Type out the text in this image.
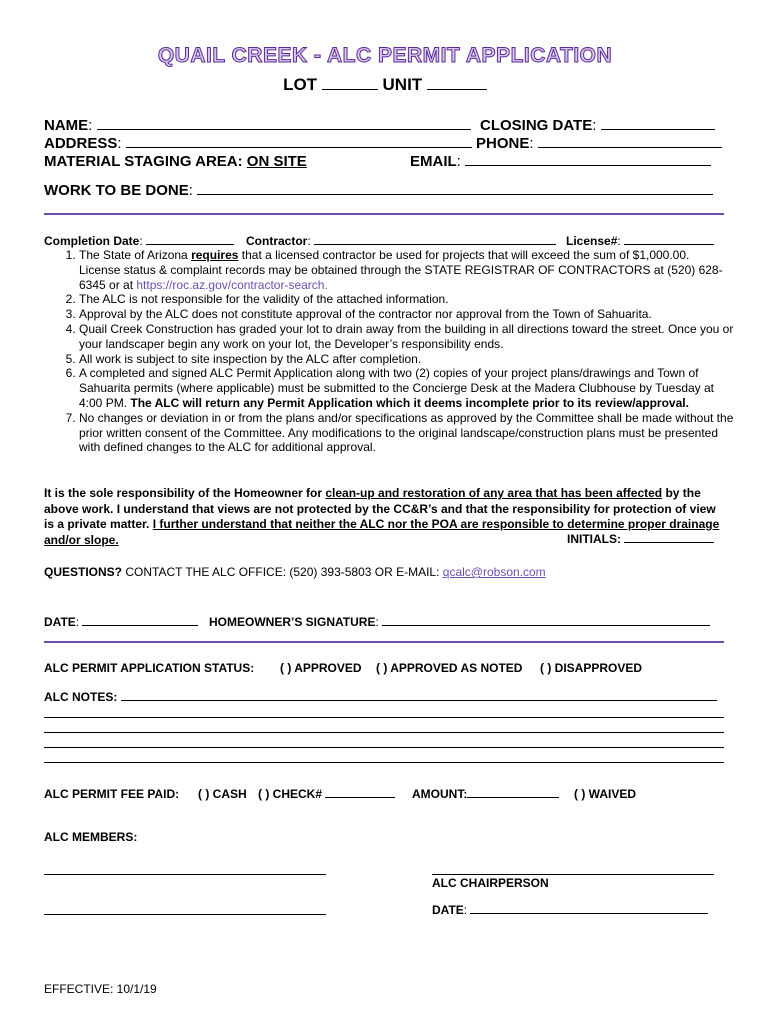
QUAIL CREEK - ALC PERMIT APPLICATION
LOT	UNIT
NAME:	CLOSING DATE:
ADDRESS:	PHONE:
MATERIAL STAGING AREA: ON SITE	EMAIL:
WORK TO BE DONE:
Completion Date:	Contractor:	License#:
1. The State of Arizona requires that a licensed contractor be used for projects that will exceed the sum of $1,000.00. License status & complaint records may be obtained through the STATE REGISTRAR OF CONTRACTORS at (520) 628-6345 or at https://roc.az.gov/contractor-search.
2. The ALC is not responsible for the validity of the attached information.
3. Approval by the ALC does not constitute approval of the contractor nor approval from the Town of Sahuarita.
4. Quail Creek Construction has graded your lot to drain away from the building in all directions toward the street. Once you or your landscaper begin any work on your lot, the Developer’s responsibility ends.
5. All work is subject to site inspection by the ALC after completion.
6. A completed and signed ALC Permit Application along with two (2) copies of your project plans/drawings and Town of Sahuarita permits (where applicable) must be submitted to the Concierge Desk at the Madera Clubhouse by Tuesday at 4:00 PM. The ALC will return any Permit Application which it deems incomplete prior to its review/approval.
7. No changes or deviation in or from the plans and/or specifications as approved by the Committee shall be made without the prior written consent of the Committee. Any modifications to the original landscape/construction plans must be presented with defined changes to the ALC for additional approval.
It is the sole responsibility of the Homeowner for clean-up and restoration of any area that has been affected by the above work. I understand that views are not protected by the CC&R’s and that the responsibility for protection of view is a private matter. I further understand that neither the ALC nor the POA are responsible to determine proper drainage and/or slope.	INITIALS:
QUESTIONS? CONTACT THE ALC OFFICE: (520) 393-5803 OR E-MAIL: qcalc@robson.com
DATE:	HOMEOWNER’S SIGNATURE:
ALC PERMIT APPLICATION STATUS: ( ) APPROVED ( ) APPROVED AS NOTED ( ) DISAPPROVED
ALC NOTES:
ALC PERMIT FEE PAID: ( ) CASH ( ) CHECK#	AMOUNT:	( ) WAIVED
ALC MEMBERS:
ALC CHAIRPERSON
DATE:
EFFECTIVE: 10/1/19
